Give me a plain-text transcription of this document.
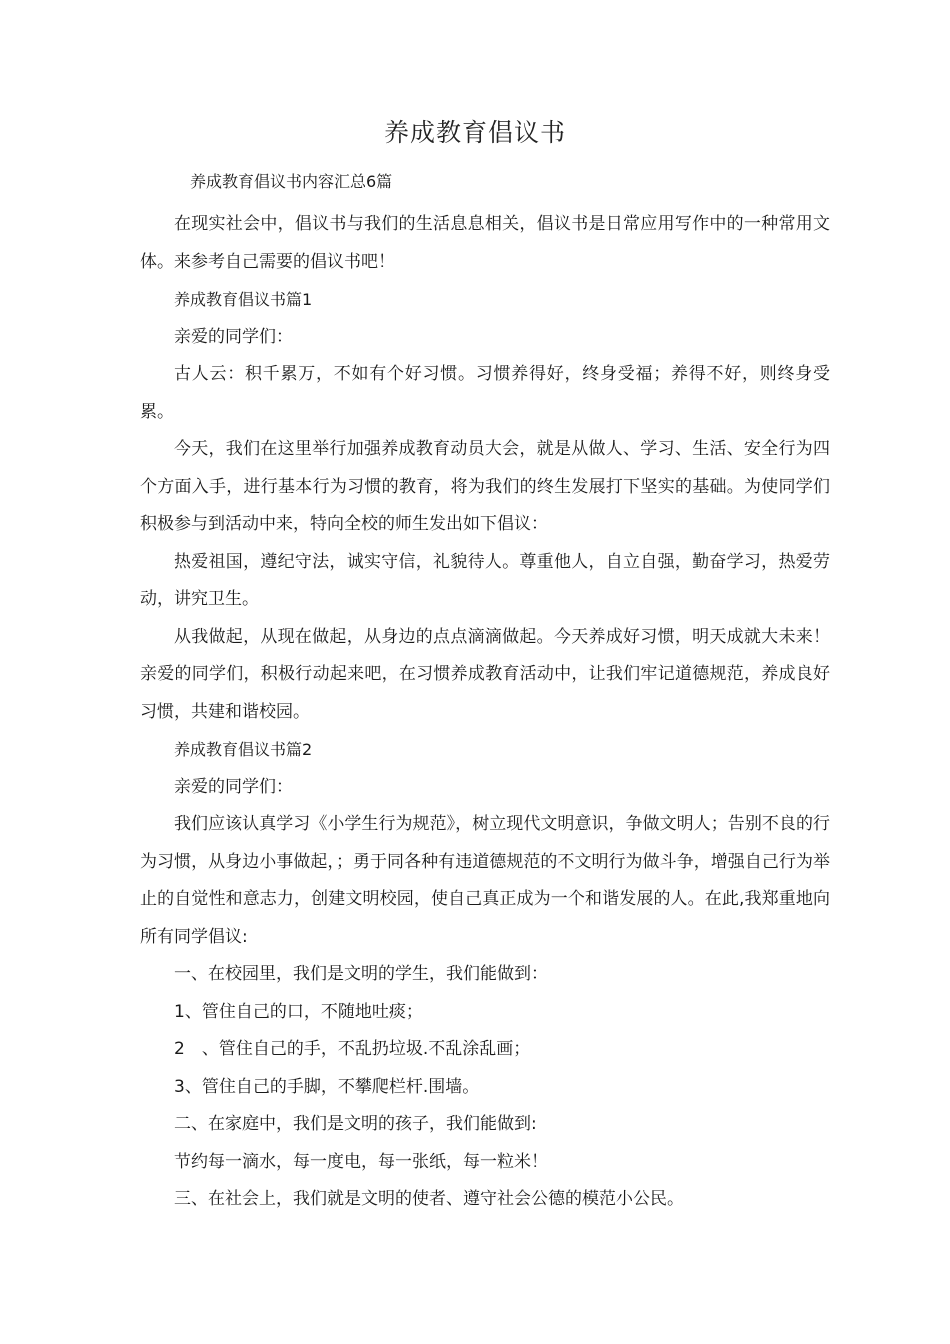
养成教育倡议书
养成教育倡议书内容汇总6篇

在现实社会中，倡议书与我们的生活息息相关，倡议书是日常应用写作中的一种常用文体。来参考自己需要的倡议书吧！

养成教育倡议书篇1

亲爱的同学们：

古人云：积千累万，不如有个好习惯。习惯养得好，终身受福；养得不好，则终身受累。

今天，我们在这里举行加强养成教育动员大会，就是从做人、学习、生活、安全行为四个方面入手，进行基本行为习惯的教育，将为我们的终生发展打下坚实的基础。为使同学们积极参与到活动中来，特向全校的师生发出如下倡议：

热爱祖国，遵纪守法，诚实守信，礼貌待人。尊重他人，自立自强，勤奋学习，热爱劳动，讲究卫生。

从我做起，从现在做起，从身边的点点滴滴做起。今天养成好习惯，明天成就大未来！亲爱的同学们，积极行动起来吧，在习惯养成教育活动中，让我们牢记道德规范，养成良好习惯，共建和谐校园。

养成教育倡议书篇2

亲爱的同学们：

我们应该认真学习《小学生行为规范》，树立现代文明意识，争做文明人；告别不良的行为习惯，从身边小事做起，；勇于同各种有违道德规范的不文明行为做斗争，增强自己行为举止的自觉性和意志力，创建文明校园，使自己真正成为一个和谐发展的人。在此,我郑重地向所有同学倡议:

一、在校园里，我们是文明的学生，我们能做到：

1、管住自己的口，不随地吐痰；

2　、管住自己的手，不乱扔垃圾.不乱涂乱画；

3、管住自己的手脚，不攀爬栏杆.围墙。

二、在家庭中，我们是文明的孩子，我们能做到:

节约每一滴水，每一度电，每一张纸，每一粒米！

三、在社会上，我们就是文明的使者、遵守社会公德的模范小公民。
